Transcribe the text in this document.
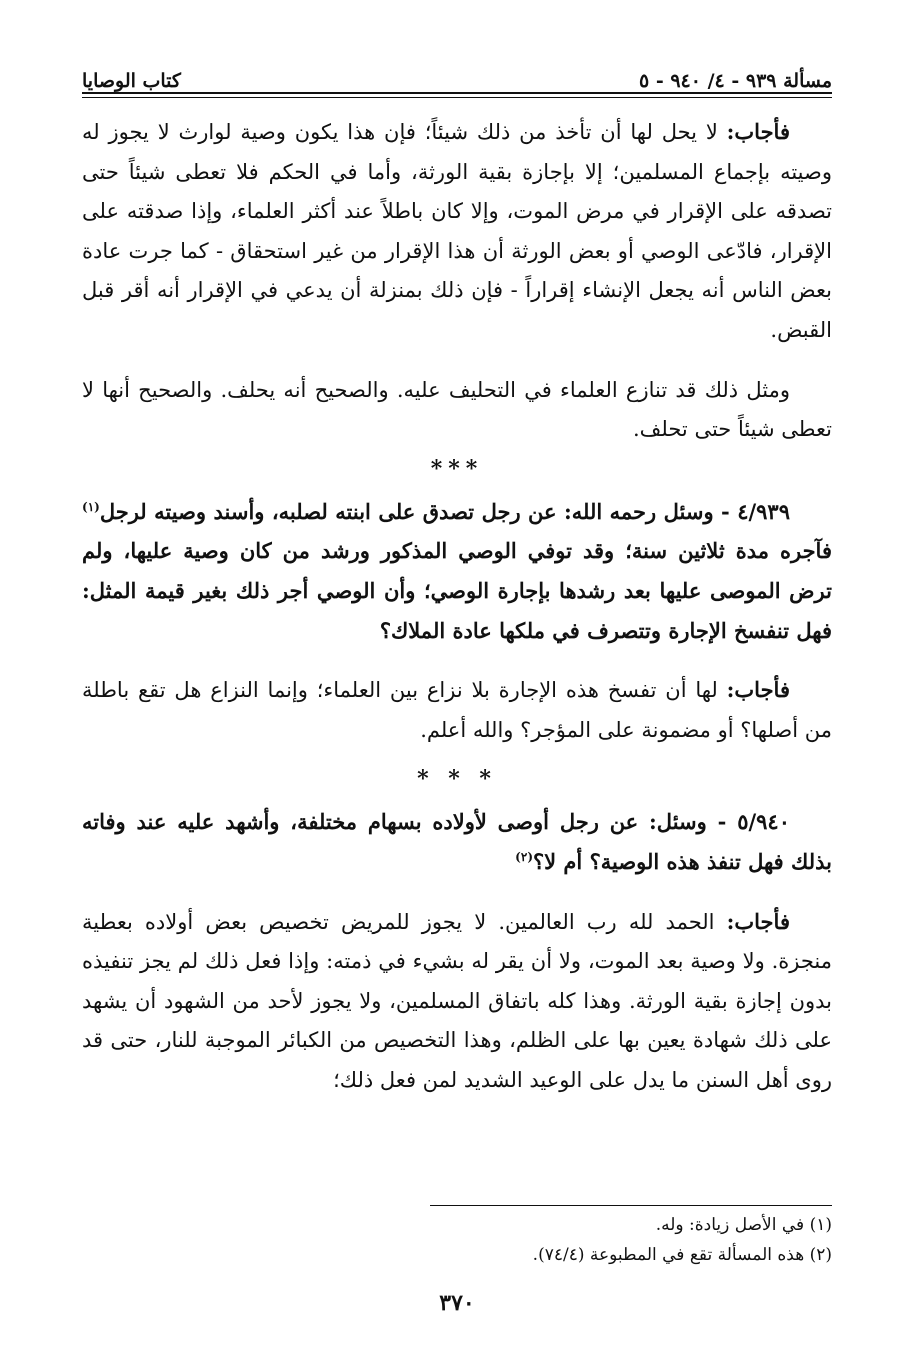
مسألة ٩٣٩ - ٤/ ٩٤٠ - ٥
كتاب الوصايا

فأجاب: لا يحل لها أن تأخذ من ذلك شيئاً؛ فإن هذا يكون وصية لوارث لا يجوز له وصيته بإجماع المسلمين؛ إلا بإجازة بقية الورثة، وأما في الحكم فلا تعطى شيئاً حتى تصدقه على الإقرار في مرض الموت، وإلا كان باطلاً عند أكثر العلماء، وإذا صدقته على الإقرار، فادّعى الوصي أو بعض الورثة أن هذا الإقرار من غير استحقاق - كما جرت عادة بعض الناس أنه يجعل الإنشاء إقراراً - فإن ذلك بمنزلة أن يدعي في الإقرار أنه أقر قبل القبض.

ومثل ذلك قد تنازع العلماء في التحليف عليه. والصحيح أنه يحلف. والصحيح أنها لا تعطى شيئاً حتى تحلف.

***

٤/٩٣٩ - وسئل رحمه الله: عن رجل تصدق على ابنته لصلبه، وأسند وصيته لرجل$^{(١)}$ فآجره مدة ثلاثين سنة؛ وقد توفي الوصي المذكور ورشد من كان وصية عليها، ولم ترض الموصى عليها بعد رشدها بإجارة الوصي؛ وأن الوصي أجر ذلك بغير قيمة المثل: فهل تنفسخ الإجارة وتتصرف في ملكها عادة الملاك؟

فأجاب: لها أن تفسخ هذه الإجارة بلا نزاع بين العلماء؛ وإنما النزاع هل تقع باطلة من أصلها؟ أو مضمونة على المؤجر؟ والله أعلم.

* * *

٥/٩٤٠ - وسئل: عن رجل أوصى لأولاده بسهام مختلفة، وأشهد عليه عند وفاته بذلك فهل تنفذ هذه الوصية؟ أم لا؟$^{(٢)}$

فأجاب: الحمد لله رب العالمين. لا يجوز للمريض تخصيص بعض أولاده بعطية منجزة. ولا وصية بعد الموت، ولا أن يقر له بشيء في ذمته: وإذا فعل ذلك لم يجز تنفيذه بدون إجازة بقية الورثة. وهذا كله باتفاق المسلمين، ولا يجوز لأحد من الشهود أن يشهد على ذلك شهادة يعين بها على الظلم، وهذا التخصيص من الكبائر الموجبة للنار، حتى قد روى أهل السنن ما يدل على الوعيد الشديد لمن فعل ذلك؛

(١) في الأصل زيادة: وله.

(٢) هذه المسألة تقع في المطبوعة (٧٤/٤).

٣٧٠
